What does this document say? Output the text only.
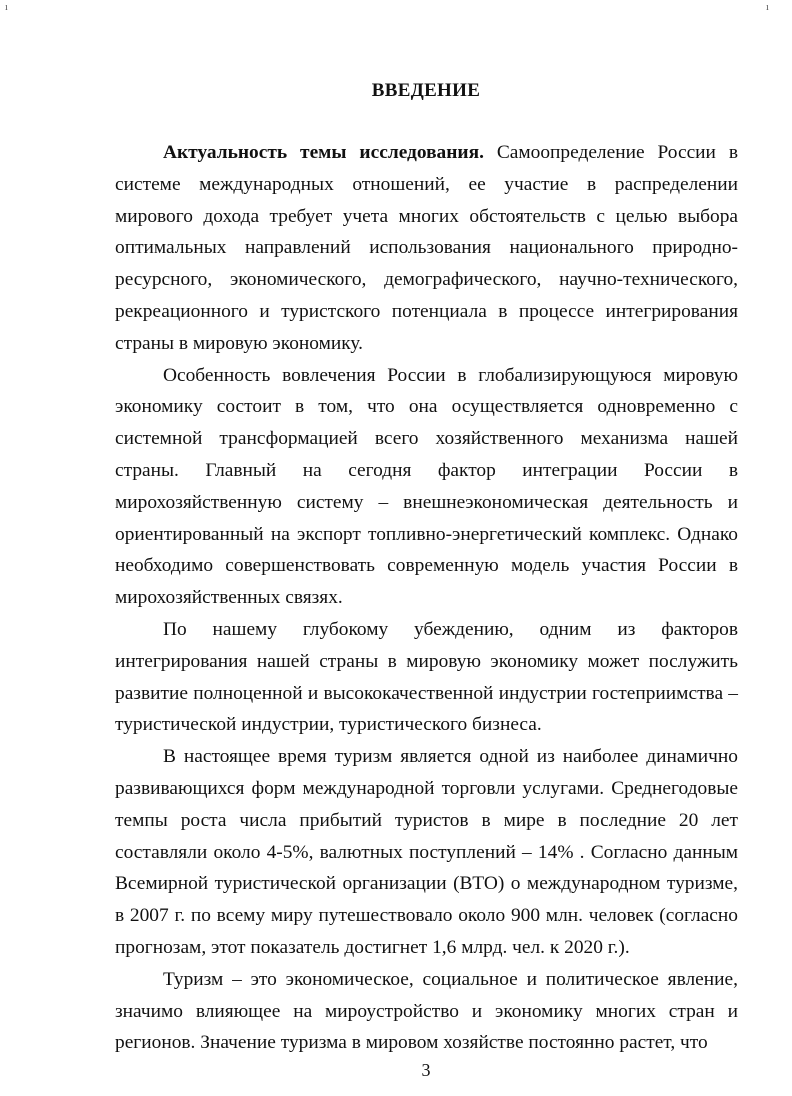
ı	ı
ВВЕДЕНИЕ

Актуальность темы исследования. Самоопределение России в системе международных отношений, ее участие в распределении мирового дохода требует учета многих обстоятельств с целью выбора оптимальных направлений использования национального природно-ресурсного, экономического, демографического, научно-технического, рекреационного и туристского потенциала в процессе интегрирования страны в мировую экономику.

Особенность вовлечения России в глобализирующуюся мировую экономику состоит в том, что она осуществляется одновременно с системной трансформацией всего хозяйственного механизма нашей страны. Главный на сегодня фактор интеграции России в мирохозяйственную систему – внешнеэкономическая деятельность и ориентированный на экспорт топливно-энергетический комплекс. Однако необходимо совершенствовать современную модель участия России в мирохозяйственных связях.

По нашему глубокому убеждению, одним из факторов интегрирования нашей страны в мировую экономику может послужить развитие полноценной и высококачественной индустрии гостеприимства – туристической индустрии, туристического бизнеса.

В настоящее время туризм является одной из наиболее динамично развивающихся форм международной торговли услугами. Среднегодовые темпы роста числа прибытий туристов в мире в последние 20 лет составляли около 4-5%, валютных поступлений – 14% . Согласно данным Всемирной туристической организации (ВТО) о международном туризме, в 2007 г. по всему миру путешествовало около 900 млн. человек (согласно прогнозам, этот показатель достигнет 1,6 млрд. чел. к 2020 г.).

Туризм – это экономическое, социальное и политическое явление, значимо влияющее на мироустройство и экономику многих стран и регионов. Значение туризма в мировом хозяйстве постоянно растет, что

3
